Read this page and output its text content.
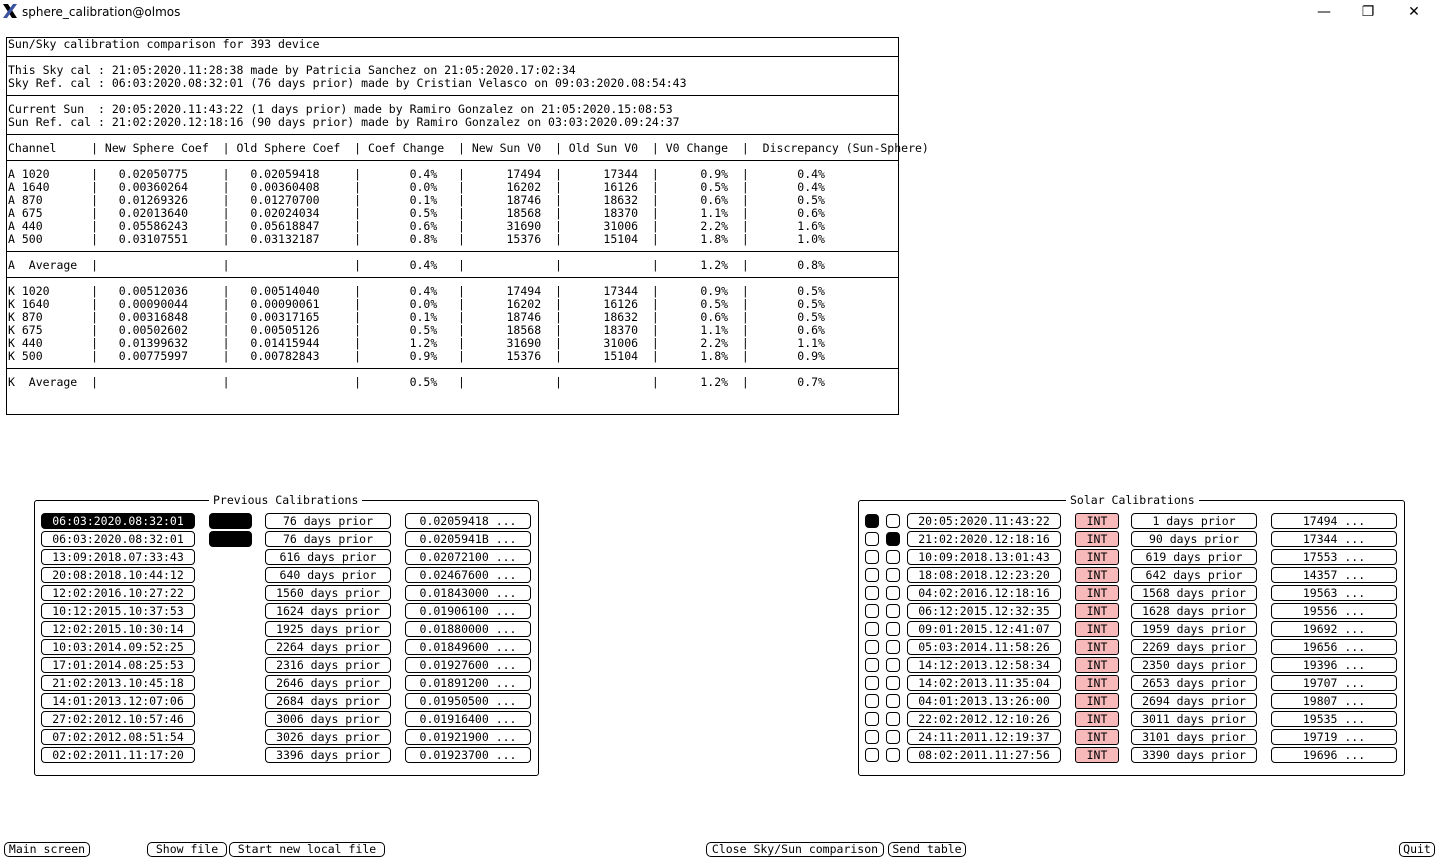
sphere_calibration@olmos	—	❐	✕
Sun/Sky calibration comparison for 393 device
This Sky cal : 21:05:2020.11:28:38 made by Patricia Sanchez on 21:05:2020.17:02:34
Sky Ref. cal : 06:03:2020.08:32:01 (76 days prior) made by Cristian Velasco on 09:03:2020.08:54:43
Current Sun  : 20:05:2020.11:43:22 (1 days prior) made by Ramiro Gonzalez on 21:05:2020.15:08:53
Sun Ref. cal : 21:02:2020.12:18:16 (90 days prior) made by Ramiro Gonzalez on 03:03:2020.09:24:37
Channel     | New Sphere Coef  | Old Sphere Coef  | Coef Change  | New Sun V0  | Old Sun V0  | V0 Change  |  Discrepancy (Sun-Sphere)
A 1020      |   0.02050775     |   0.02059418     |       0.4%   |      17494  |      17344  |      0.9%  |       0.4%
A 1640      |   0.00360264     |   0.00360408     |       0.0%   |      16202  |      16126  |      0.5%  |       0.4%
A 870       |   0.01269326     |   0.01270700     |       0.1%   |      18746  |      18632  |      0.6%  |       0.5%
A 675       |   0.02013640     |   0.02024034     |       0.5%   |      18568  |      18370  |      1.1%  |       0.6%
A 440       |   0.05586243     |   0.05618847     |       0.6%   |      31690  |      31006  |      2.2%  |       1.6%
A 500       |   0.03107551     |   0.03132187     |       0.8%   |      15376  |      15104  |      1.8%  |       1.0%
A  Average  |                  |                  |       0.4%   |             |             |      1.2%  |       0.8%
K 1020      |   0.00512036     |   0.00514040     |       0.4%   |      17494  |      17344  |      0.9%  |       0.5%
K 1640      |   0.00090044     |   0.00090061     |       0.0%   |      16202  |      16126  |      0.5%  |       0.5%
K 870       |   0.00316848     |   0.00317165     |       0.1%   |      18746  |      18632  |      0.6%  |       0.5%
K 675       |   0.00502602     |   0.00505126     |       0.5%   |      18568  |      18370  |      1.1%  |       0.6%
K 440       |   0.01399632     |   0.01415944     |       1.2%   |      31690  |      31006  |      2.2%  |       1.1%
K 500       |   0.00775997     |   0.00782843     |       0.9%   |      15376  |      15104  |      1.8%  |       0.9%
K  Average  |                  |                  |       0.5%   |             |             |      1.2%  |       0.7%
Previous Calibrations
06:03:2020.08:32:01	76 days prior	0.02059418 ...
06:03:2020.08:32:01	76 days prior	0.0205941B ...
13:09:2018.07:33:43	616 days prior	0.02072100 ...
20:08:2018.10:44:12	640 days prior	0.02467600 ...
12:02:2016.10:27:22	1560 days prior	0.01843000 ...
10:12:2015.10:37:53	1624 days prior	0.01906100 ...
12:02:2015.10:30:14	1925 days prior	0.01880000 ...
10:03:2014.09:52:25	2264 days prior	0.01849600 ...
17:01:2014.08:25:53	2316 days prior	0.01927600 ...
21:02:2013.10:45:18	2646 days prior	0.01891200 ...
14:01:2013.12:07:06	2684 days prior	0.01950500 ...
27:02:2012.10:57:46	3006 days prior	0.01916400 ...
07:02:2012.08:51:54	3026 days prior	0.01921900 ...
02:02:2011.11:17:20	3396 days prior	0.01923700 ...
Solar Calibrations
20:05:2020.11:43:22	INT	1 days prior	17494 ...
21:02:2020.12:18:16	INT	90 days prior	17344 ...
10:09:2018.13:01:43	INT	619 days prior	17553 ...
18:08:2018.12:23:20	INT	642 days prior	14357 ...
04:02:2016.12:18:16	INT	1568 days prior	19563 ...
06:12:2015.12:32:35	INT	1628 days prior	19556 ...
09:01:2015.12:41:07	INT	1959 days prior	19692 ...
05:03:2014.11:58:26	INT	2269 days prior	19656 ...
14:12:2013.12:58:34	INT	2350 days prior	19396 ...
14:02:2013.11:35:04	INT	2653 days prior	19707 ...
04:01:2013.13:26:00	INT	2694 days prior	19807 ...
22:02:2012.12:10:26	INT	3011 days prior	19535 ...
24:11:2011.12:19:37	INT	3101 days prior	19719 ...
08:02:2011.11:27:56	INT	3390 days prior	19696 ...
Main screen	Show file	Start new local file	Close Sky/Sun comparison	Send table	Quit
